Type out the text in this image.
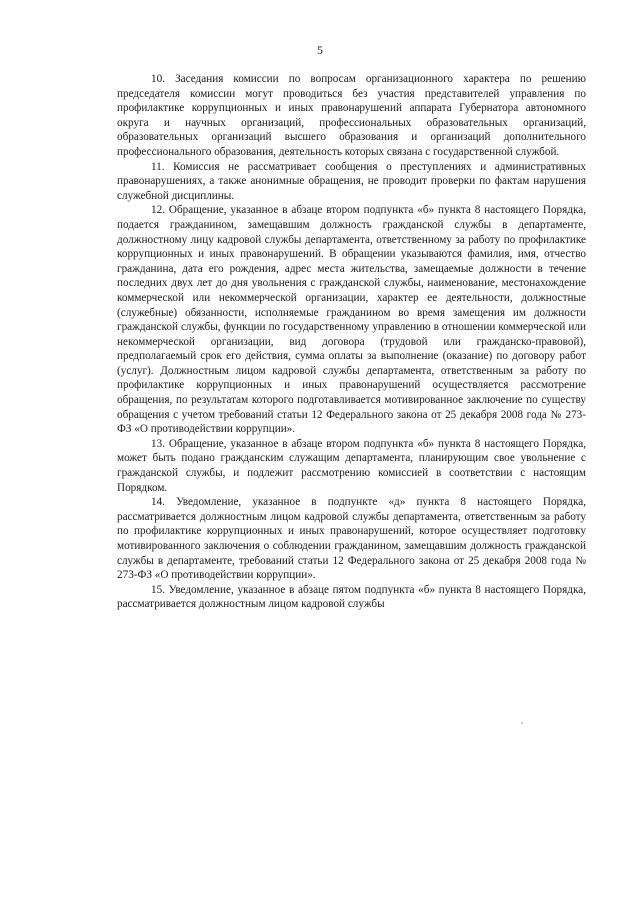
5

10. Заседания комиссии по вопросам организационного характера по решению председателя комиссии могут проводиться без участия представителей управления по профилактике коррупционных и иных правонарушений аппарата Губернатора автономного округа и научных организаций, профессиональных образовательных организаций, образовательных организаций высшего образования и организаций дополнительного профессионального образования, деятельность которых связана с государственной службой.

11. Комиссия не рассматривает сообщения о преступлениях и административных правонарушениях, а также анонимные обращения, не проводит проверки по фактам нарушения служебной дисциплины.

12. Обращение, указанное в абзаце втором подпункта «б» пункта 8 настоящего Порядка, подается гражданином, замещавшим должность гражданской службы в департаменте, должностному лицу кадровой службы департамента, ответственному за работу по профилактике коррупционных и иных правонарушений. В обращении указываются фамилия, имя, отчество гражданина, дата его рождения, адрес места жительства, замещаемые должности в течение последних двух лет до дня увольнения с гражданской службы, наименование, местонахождение коммерческой или некоммерческой организации, характер ее деятельности, должностные (служебные) обязанности, исполняемые гражданином во время замещения им должности гражданской службы, функции по государственному управлению в отношении коммерческой или некоммерческой организации, вид договора (трудовой или гражданско-правовой), предполагаемый срок его действия, сумма оплаты за выполнение (оказание) по договору работ (услуг). Должностным лицом кадровой службы департамента, ответственным за работу по профилактике коррупционных и иных правонарушений осуществляется рассмотрение обращения, по результатам которого подготавливается мотивированное заключение по существу обращения с учетом требований статьи 12 Федерального закона от 25 декабря 2008 года № 273-ФЗ «О противодействии коррупции».

13. Обращение, указанное в абзаце втором подпункта «б» пункта 8 настоящего Порядка, может быть подано гражданским служащим департамента, планирующим свое увольнение с гражданской службы, и подлежит рассмотрению комиссией в соответствии с настоящим Порядком.

14. Уведомление, указанное в подпункте «д» пункта 8 настоящего Порядка, рассматривается должностным лицом кадровой службы департамента, ответственным за работу по профилактике коррупционных и иных правонарушений, которое осуществляет подготовку мотивированного заключения о соблюдении гражданином, замещавшим должность гражданской службы в департаменте, требований статьи 12 Федерального закона от 25 декабря 2008 года № 273-ФЗ «О противодействии коррупции».

15. Уведомление, указанное в абзаце пятом подпункта «б» пункта 8 настоящего Порядка, рассматривается должностным лицом кадровой службы
